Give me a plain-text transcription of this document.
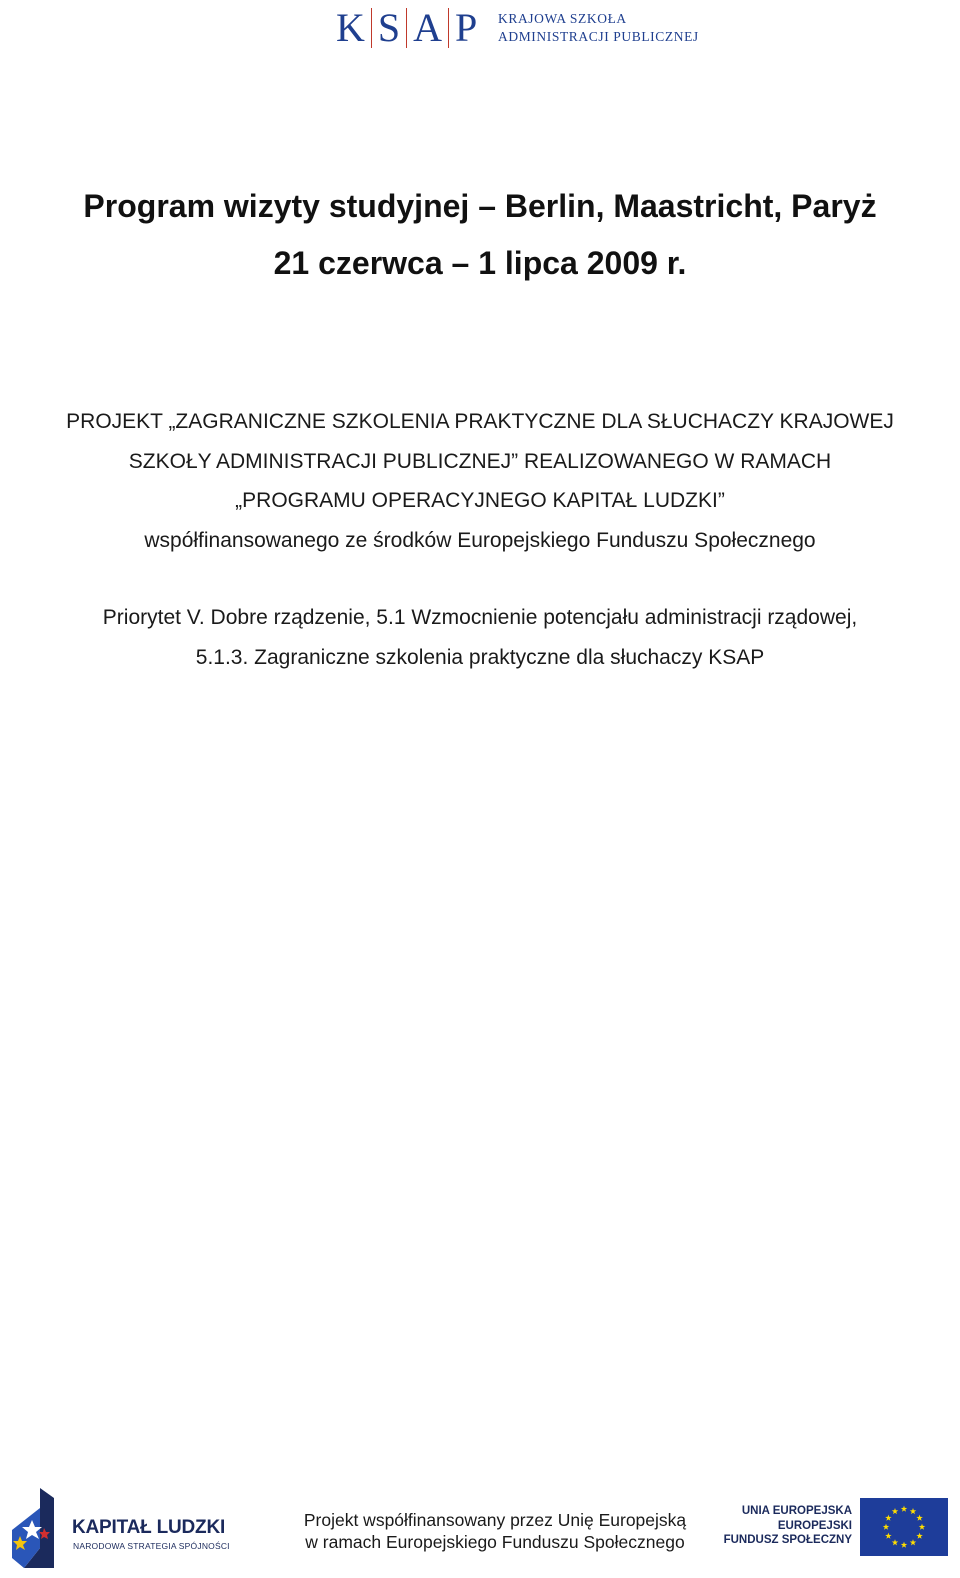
K S A P	KRAJOWA SZKOŁA
ADMINISTRACJI PUBLICZNEJ
Program wizyty studyjnej – Berlin, Maastricht, Paryż
21 czerwca – 1 lipca 2009 r.
PROJEKT „ZAGRANICZNE SZKOLENIA PRAKTYCZNE DLA SŁUCHACZY KRAJOWEJ
SZKOŁY ADMINISTRACJI PUBLICZNEJ” REALIZOWANEGO W RAMACH
„PROGRAMU OPERACYJNEGO KAPITAŁ LUDZKI”
współfinansowanego ze środków Europejskiego Funduszu Społecznego
Priorytet V. Dobre rządzenie, 5.1 Wzmocnienie potencjału administracji rządowej,
5.1.3. Zagraniczne szkolenia praktyczne dla słuchaczy KSAP
KAPITAŁ LUDZKI
NARODOWA STRATEGIA SPÓJNOŚCI
Projekt współfinansowany przez Unię Europejską
w ramach Europejskiego Funduszu Społecznego
UNIA EUROPEJSKA
EUROPEJSKI
FUNDUSZ SPOŁECZNY
